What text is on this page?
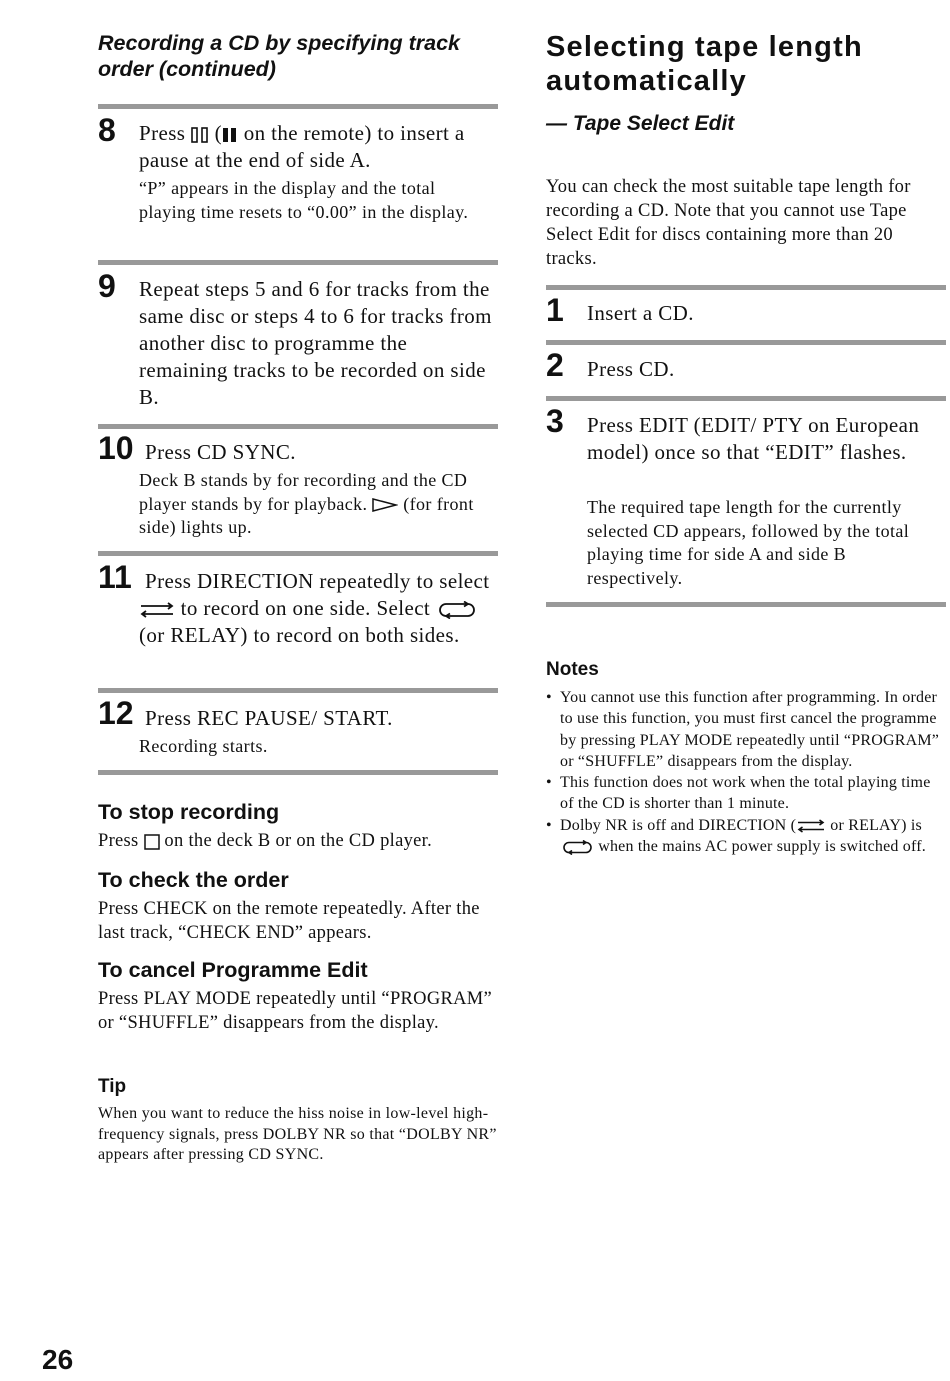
Recording a CD by specifying track order (continued)
8 Press  ( on the remote) to insert a pause at the end of side A.
“P” appears in the display and the total playing time resets to “0.00” in the display.
9 Repeat steps 5 and 6 for tracks from the same disc or steps 4 to 6 for tracks from another disc to programme the remaining tracks to be recorded on side B.
10 Press CD SYNC.
Deck B stands by for recording and the CD player stands by for playback.  (for front side) lights up.
11 Press DIRECTION repeatedly to select  to record on one side. Select  (or RELAY) to record on both sides.
12 Press REC PAUSE/ START.
Recording starts.
To stop recording
Press  on the deck B or on the CD player.
To check the order
Press CHECK on the remote repeatedly. After the last track, “CHECK END” appears.
To cancel Programme Edit
Press PLAY MODE repeatedly until “PROGRAM” or “SHUFFLE” disappears from the display.
Tip
When you want to reduce the hiss noise in low-level high-frequency signals, press DOLBY NR so that “DOLBY NR” appears after pressing CD SYNC.
Selecting tape length automatically
— Tape Select Edit
You can check the most suitable tape length for recording a CD. Note that you cannot use Tape Select Edit for discs containing more than 20 tracks.
1 Insert a CD.
2 Press CD.
3 Press EDIT (EDIT/ PTY on European model) once so that “EDIT” flashes.
The required tape length for the currently selected CD appears, followed by the total playing time for side A and side B respectively.
Notes
• You cannot use this function after programming. In order to use this function, you must first cancel the programme by pressing PLAY MODE repeatedly until “PROGRAM” or “SHUFFLE” disappears from the display.
• This function does not work when the total playing time of the CD is shorter than 1 minute.
• Dolby NR is off and DIRECTION ( or RELAY) is  when the mains AC power supply is switched off.
26
